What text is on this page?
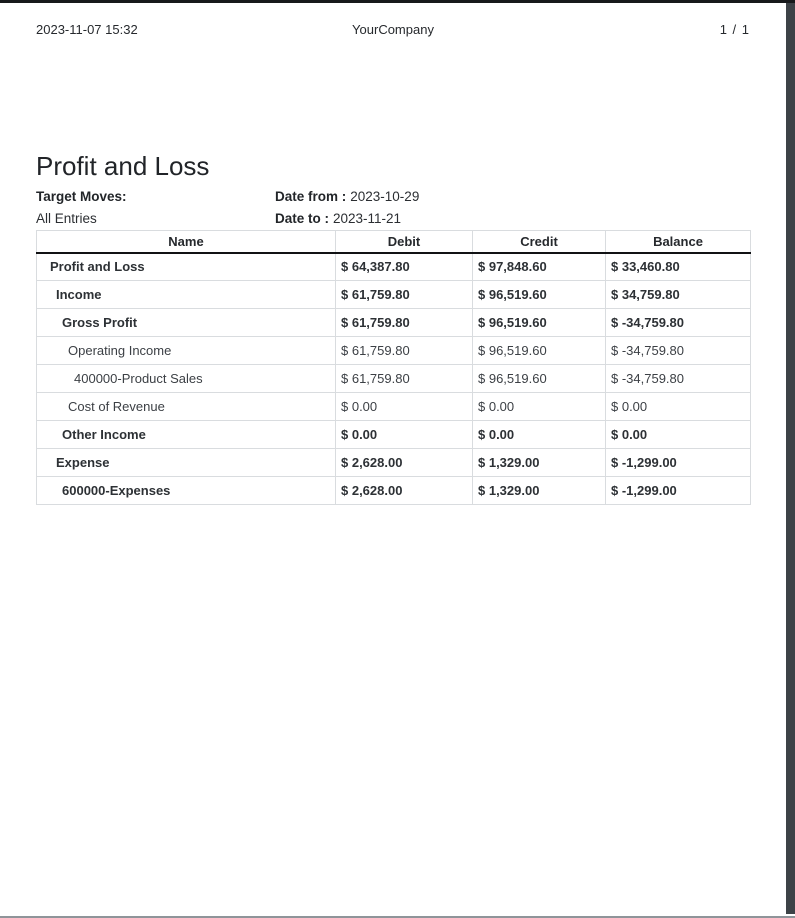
2023-11-07 15:32	YourCompany	1 / 1
Profit and Loss
Target Moves:	Date from : 2023-10-29
All Entries	Date to : 2023-11-21
Name	Debit	Credit	Balance
Profit and Loss	$ 64,387.80	$ 97,848.60	$ 33,460.80
Income	$ 61,759.80	$ 96,519.60	$ 34,759.80
Gross Profit	$ 61,759.80	$ 96,519.60	$ -34,759.80
Operating Income	$ 61,759.80	$ 96,519.60	$ -34,759.80
400000-Product Sales	$ 61,759.80	$ 96,519.60	$ -34,759.80
Cost of Revenue	$ 0.00	$ 0.00	$ 0.00
Other Income	$ 0.00	$ 0.00	$ 0.00
Expense	$ 2,628.00	$ 1,329.00	$ -1,299.00
600000-Expenses	$ 2,628.00	$ 1,329.00	$ -1,299.00
